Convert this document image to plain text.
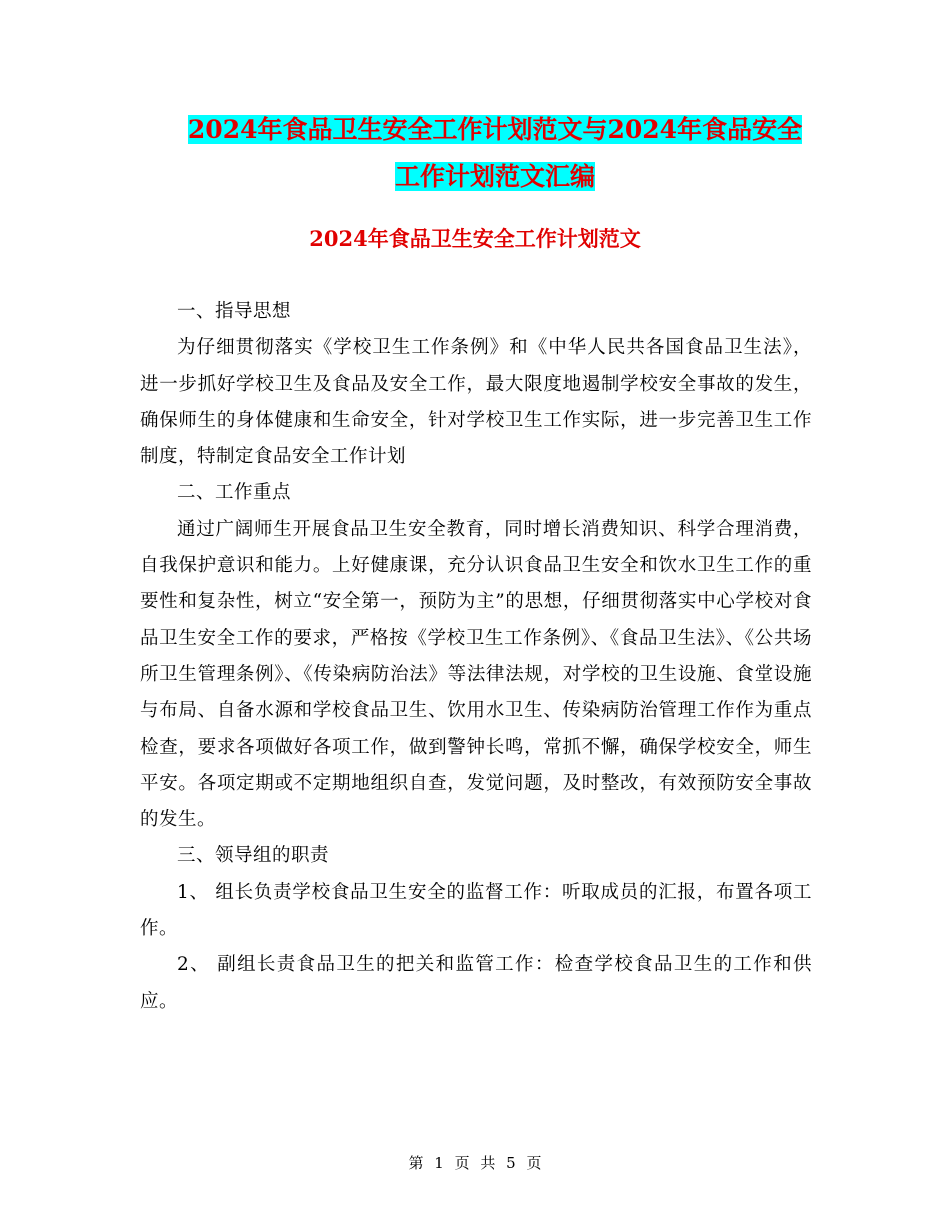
2024年食品卫生安全工作计划范文与2024年食品安全
工作计划范文汇编
2024年食品卫生安全工作计划范文

一、指导思想

为仔细贯彻落实《学校卫生工作条例》和《中华人民共各国食品卫生法》，进一步抓好学校卫生及食品及安全工作，最大限度地遏制学校安全事故的发生，确保师生的身体健康和生命安全，针对学校卫生工作实际，进一步完善卫生工作制度，特制定食品安全工作计划

二、工作重点

通过广阔师生开展食品卫生安全教育，同时增长消费知识、科学合理消费，自我保护意识和能力。上好健康课，充分认识食品卫生安全和饮水卫生工作的重要性和复杂性，树立“安全第一，预防为主”的思想，仔细贯彻落实中心学校对食品卫生安全工作的要求，严格按《学校卫生工作条例》、《食品卫生法》、《公共场所卫生管理条例》、《传染病防治法》等法律法规，对学校的卫生设施、食堂设施与布局、自备水源和学校食品卫生、饮用水卫生、传染病防治管理工作作为重点检查，要求各项做好各项工作，做到警钟长鸣，常抓不懈，确保学校安全，师生平安。各项定期或不定期地组织自查，发觉问题，及时整改，有效预防安全事故的发生。

三、领导组的职责

1、 组长负责学校食品卫生安全的监督工作：听取成员的汇报，布置各项工作。

2、 副组长责食品卫生的把关和监管工作：检查学校食品卫生的工作和供应。

第 1 页 共 5 页
